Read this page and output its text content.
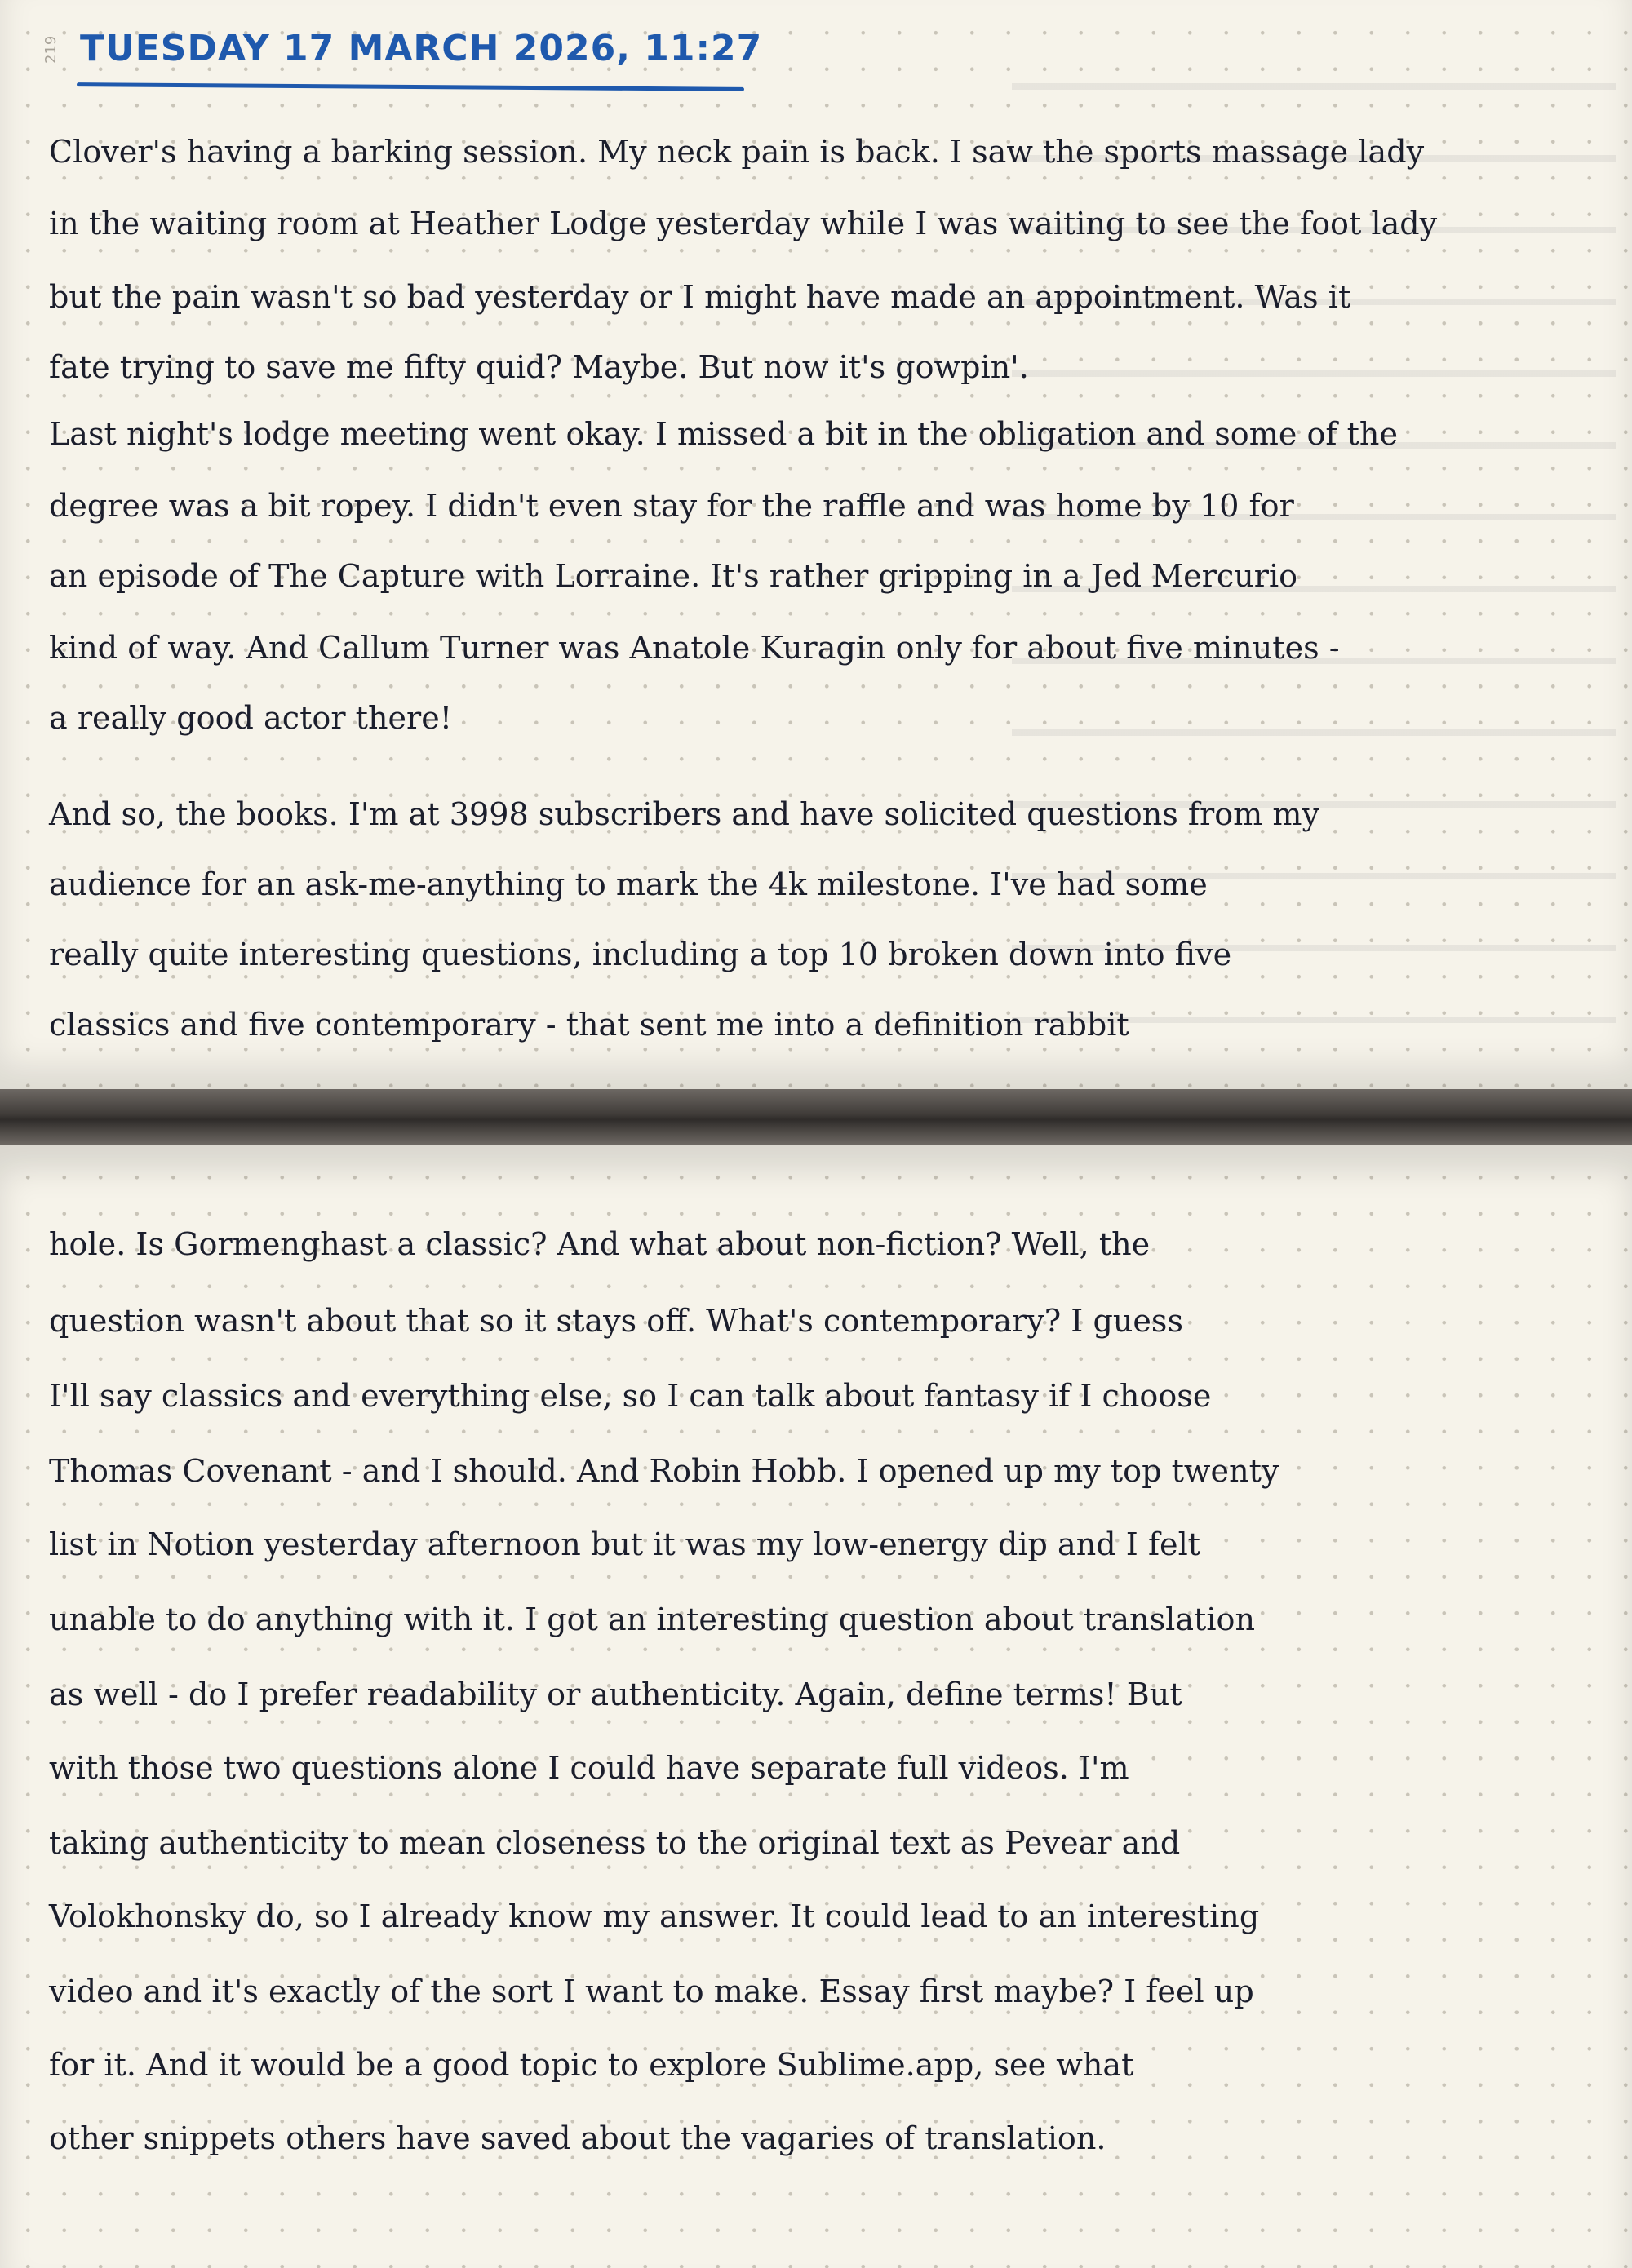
219 TUESDAY 17 MARCH 2026, 11:27

Clover's having a barking session. My neck pain is back. I saw the sports massage lady

in the waiting room at Heather Lodge yesterday while I was waiting to see the foot lady

but the pain wasn't so bad yesterday or I might have made an appointment. Was it

fate trying to save me fifty quid? Maybe. But now it's gowpin'.

Last night's lodge meeting went okay. I missed a bit in the obligation and some of the

degree was a bit ropey. I didn't even stay for the raffle and was home by 10 for

an episode of The Capture with Lorraine. It's rather gripping in a Jed Mercurio

kind of way. And Callum Turner was Anatole Kuragin only for about five minutes -

a really good actor there!

And so, the books. I'm at 3998 subscribers and have solicited questions from my

audience for an ask-me-anything to mark the 4k milestone. I've had some

really quite interesting questions, including a top 10 broken down into five

classics and five contemporary - that sent me into a definition rabbit

hole. Is Gormenghast a classic? And what about non-fiction? Well, the

question wasn't about that so it stays off. What's contemporary? I guess

I'll say classics and everything else, so I can talk about fantasy if I choose

Thomas Covenant - and I should. And Robin Hobb. I opened up my top twenty

list in Notion yesterday afternoon but it was my low-energy dip and I felt

unable to do anything with it. I got an interesting question about translation

as well - do I prefer readability or authenticity. Again, define terms! But

with those two questions alone I could have separate full videos. I'm

taking authenticity to mean closeness to the original text as Pevear and

Volokhonsky do, so I already know my answer. It could lead to an interesting

video and it's exactly of the sort I want to make. Essay first maybe? I feel up

for it. And it would be a good topic to explore Sublime.app, see what

other snippets others have saved about the vagaries of translation.
